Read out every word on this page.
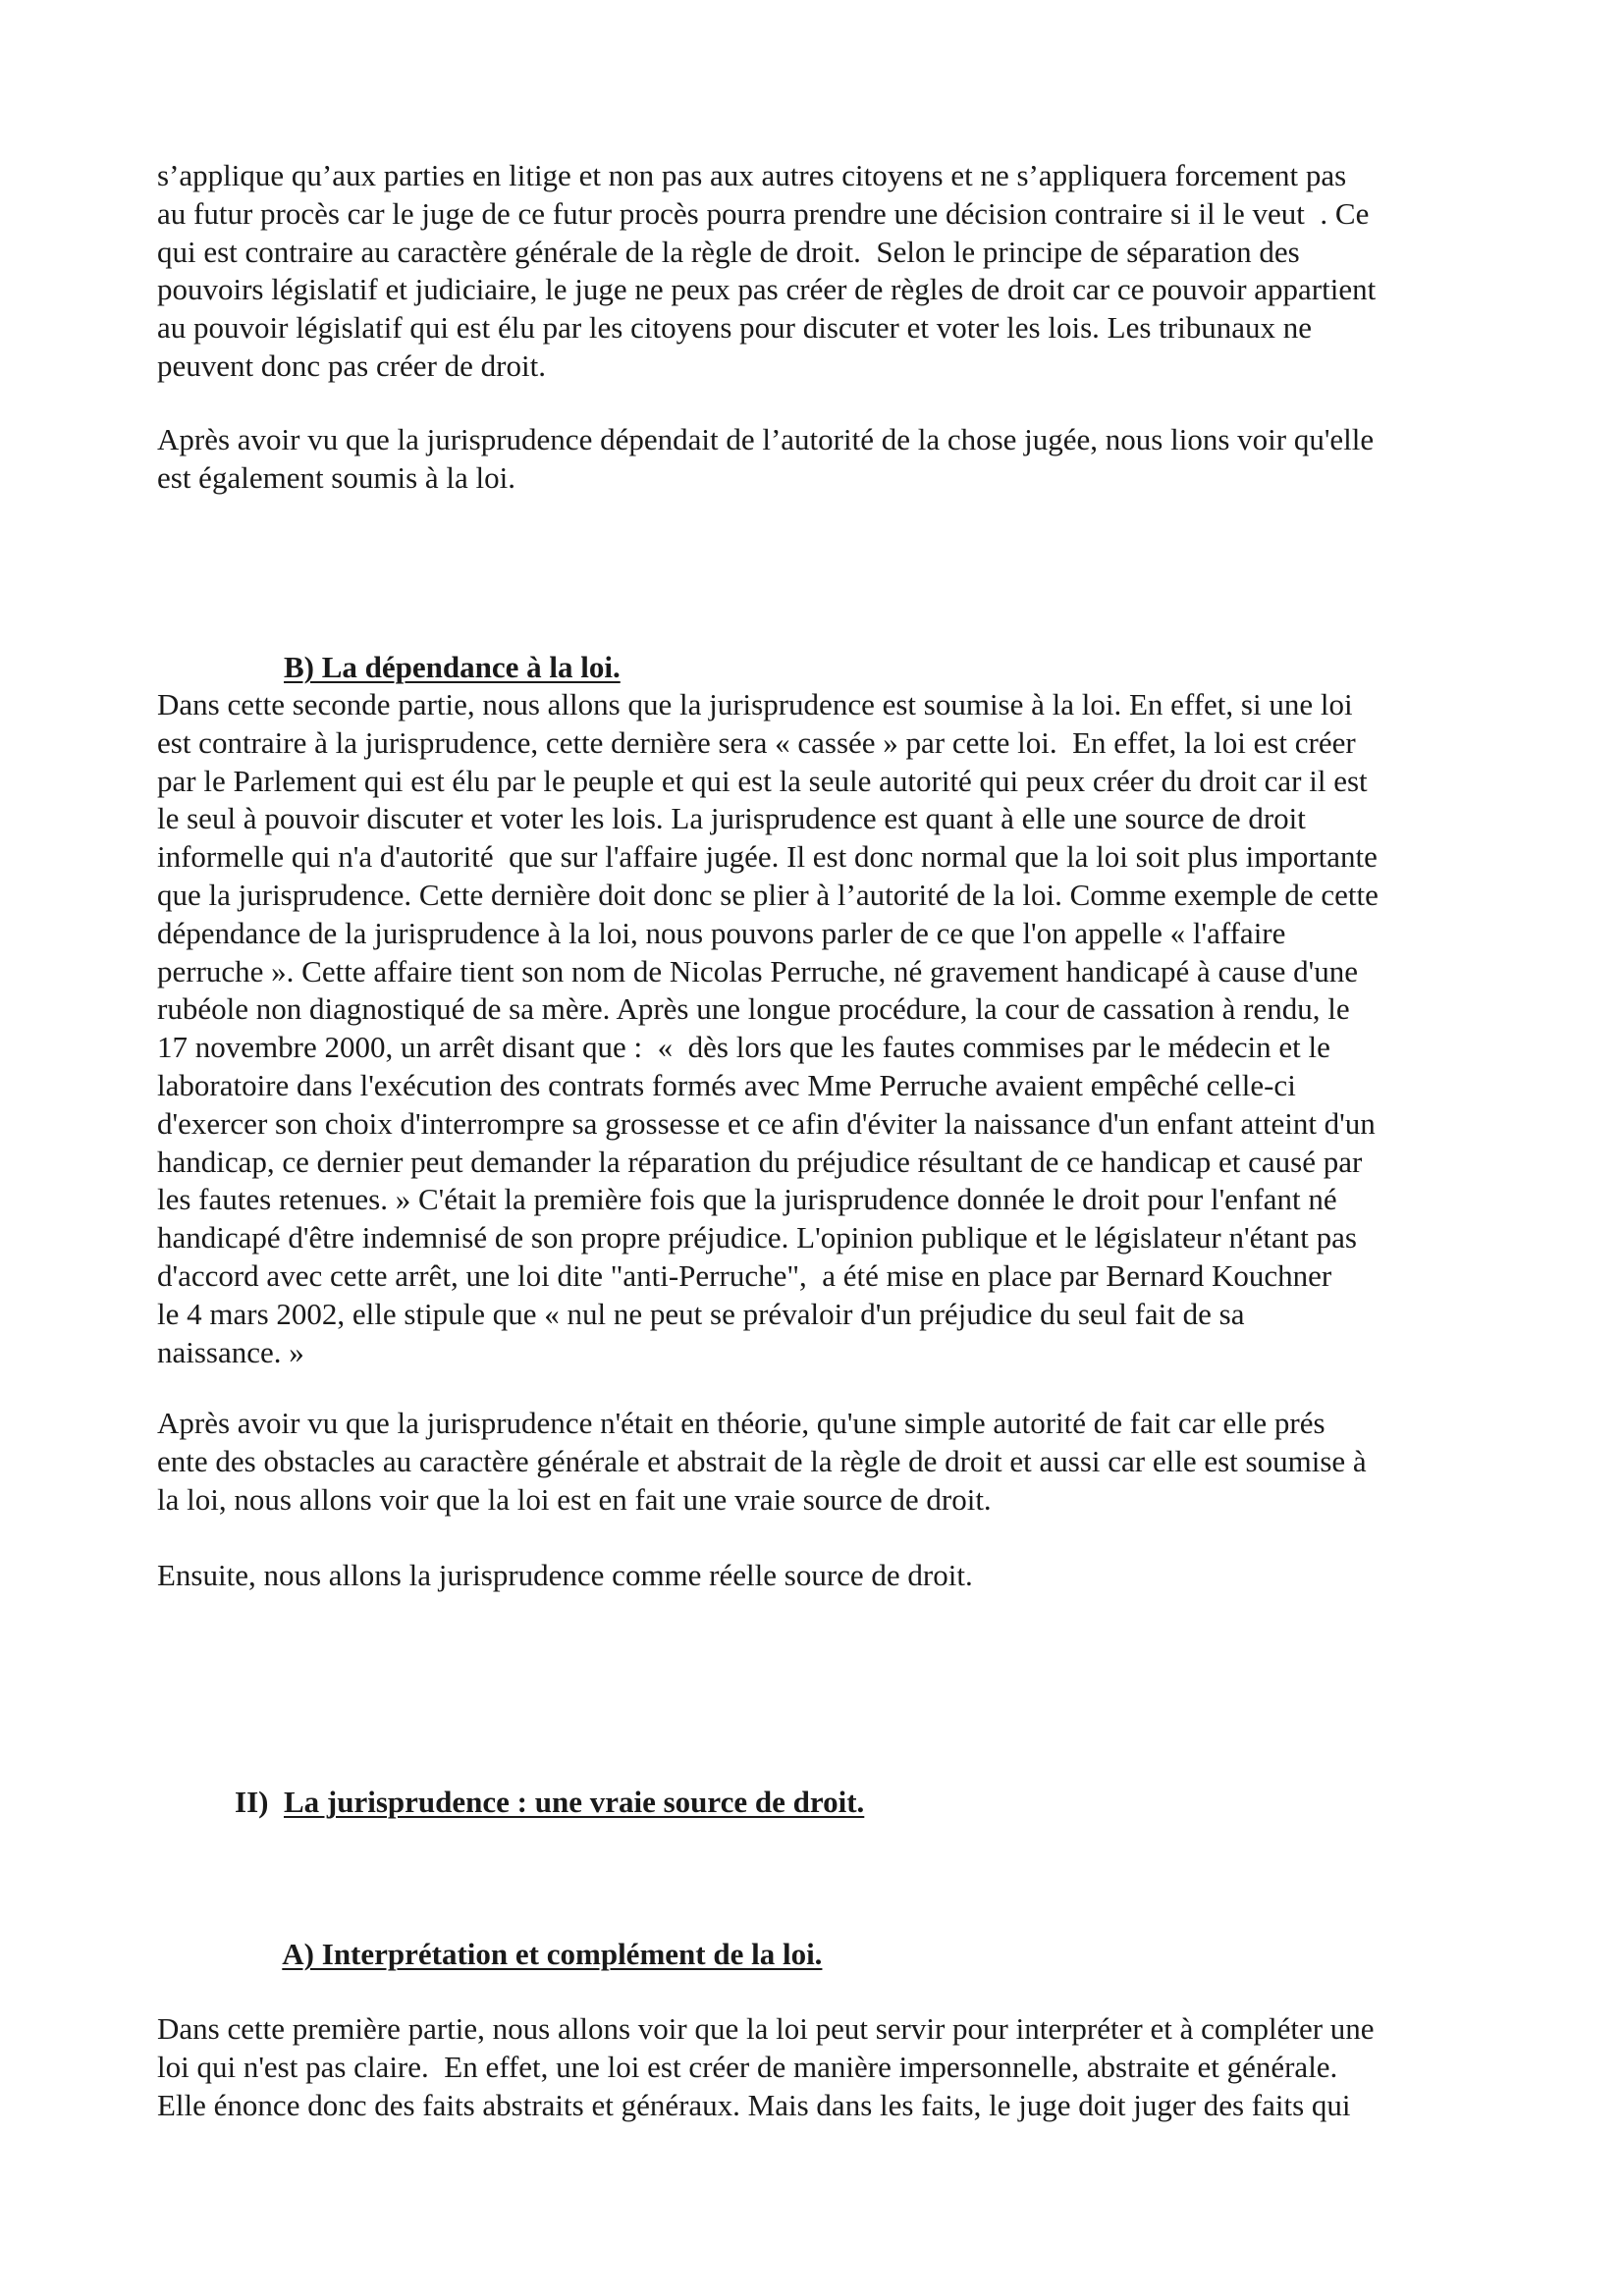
s’applique qu’aux parties en litige et non pas aux autres citoyens et ne s’appliquera forcement pas
au futur procès car le juge de ce futur procès pourra prendre une décision contraire si il le veut  . Ce
qui est contraire au caractère générale de la règle de droit.  Selon le principe de séparation des
pouvoirs législatif et judiciaire, le juge ne peux pas créer de règles de droit car ce pouvoir appartient
au pouvoir législatif qui est élu par les citoyens pour discuter et voter les lois. Les tribunaux ne
peuvent donc pas créer de droit.
Après avoir vu que la jurisprudence dépendait de l’autorité de la chose jugée, nous lions voir qu'elle
est également soumis à la loi.

B) La dépendance à la loi.

Dans cette seconde partie, nous allons que la jurisprudence est soumise à la loi. En effet, si une loi
est contraire à la jurisprudence, cette dernière sera « cassée » par cette loi.  En effet, la loi est créer
par le Parlement qui est élu par le peuple et qui est la seule autorité qui peux créer du droit car il est
le seul à pouvoir discuter et voter les lois. La jurisprudence est quant à elle une source de droit
informelle qui n'a d'autorité  que sur l'affaire jugée. Il est donc normal que la loi soit plus importante
que la jurisprudence. Cette dernière doit donc se plier à l’autorité de la loi. Comme exemple de cette
dépendance de la jurisprudence à la loi, nous pouvons parler de ce que l'on appelle « l'affaire
perruche ». Cette affaire tient son nom de Nicolas Perruche, né gravement handicapé à cause d'une
rubéole non diagnostiqué de sa mère. Après une longue procédure, la cour de cassation à rendu, le
17 novembre 2000, un arrêt disant que :  «  dès lors que les fautes commises par le médecin et le
laboratoire dans l'exécution des contrats formés avec Mme Perruche avaient empêché celle-ci
d'exercer son choix d'interrompre sa grossesse et ce afin d'éviter la naissance d'un enfant atteint d'un
handicap, ce dernier peut demander la réparation du préjudice résultant de ce handicap et causé par
les fautes retenues. » C'était la première fois que la jurisprudence donnée le droit pour l'enfant né
handicapé d'être indemnisé de son propre préjudice. L'opinion publique et le législateur n'étant pas
d'accord avec cette arrêt, une loi dite "anti-Perruche",  a été mise en place par Bernard Kouchner
le 4 mars 2002, elle stipule que « nul ne peut se prévaloir d'un préjudice du seul fait de sa
naissance. »
Après avoir vu que la jurisprudence n'était en théorie, qu'une simple autorité de fait car elle prés
ente des obstacles au caractère générale et abstrait de la règle de droit et aussi car elle est soumise à
la loi, nous allons voir que la loi est en fait une vraie source de droit.
Ensuite, nous allons la jurisprudence comme réelle source de droit.

II)
La jurisprudence : une vraie source de droit.

A) Interprétation et complément de la loi.

Dans cette première partie, nous allons voir que la loi peut servir pour interpréter et à compléter une
loi qui n'est pas claire.  En effet, une loi est créer de manière impersonnelle, abstraite et générale.
Elle énonce donc des faits abstraits et généraux. Mais dans les faits, le juge doit juger des faits qui
